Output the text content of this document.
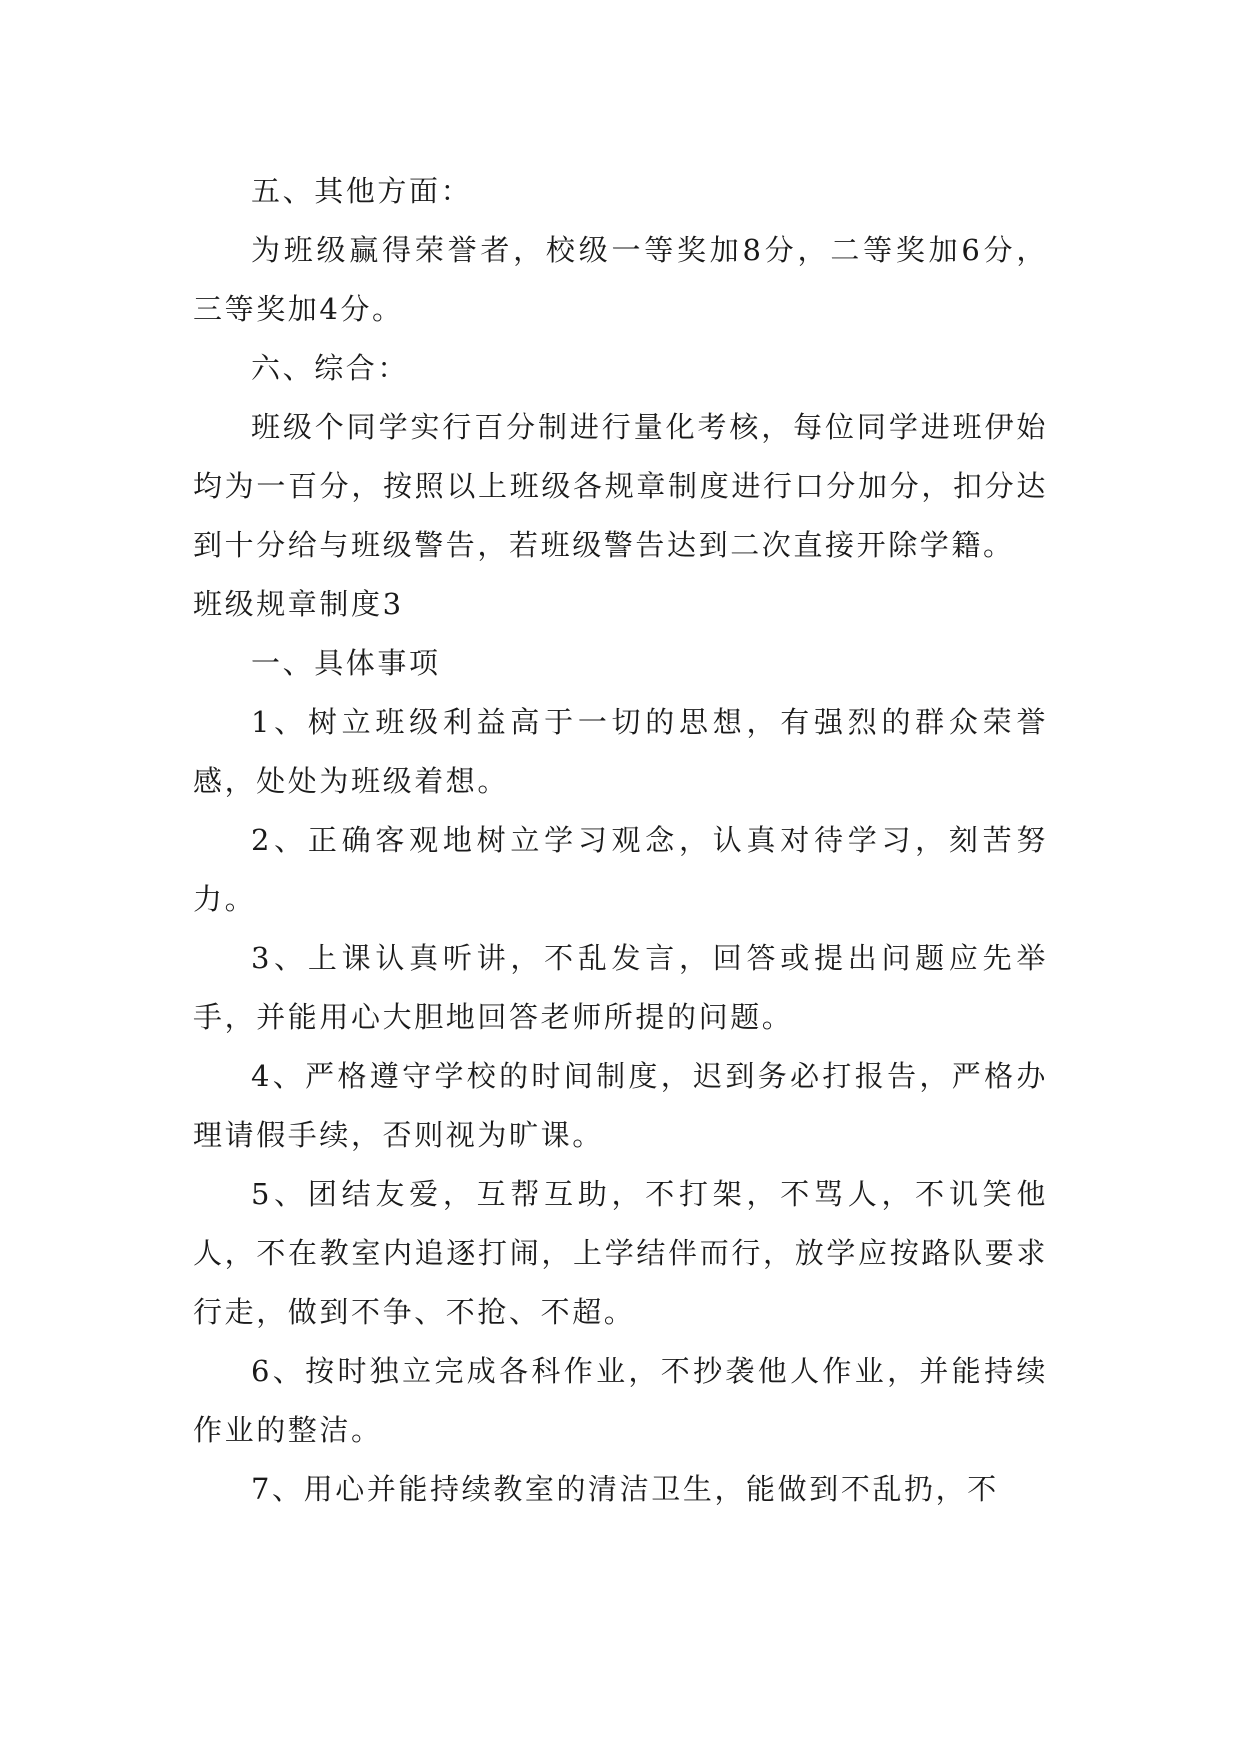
五、其他方面：

为班级赢得荣誉者，校级一等奖加8分，二等奖加6分，三等奖加4分。

六、综合：

班级个同学实行百分制进行量化考核，每位同学进班伊始均为一百分，按照以上班级各规章制度进行口分加分，扣分达到十分给与班级警告，若班级警告达到二次直接开除学籍。

班级规章制度3

一、具体事项

1、树立班级利益高于一切的思想，有强烈的群众荣誉感，处处为班级着想。

2、正确客观地树立学习观念，认真对待学习，刻苦努力。

3、上课认真听讲，不乱发言，回答或提出问题应先举手，并能用心大胆地回答老师所提的问题。

4、严格遵守学校的时间制度，迟到务必打报告，严格办理请假手续，否则视为旷课。

5、团结友爱，互帮互助，不打架，不骂人，不讥笑他人，不在教室内追逐打闹，上学结伴而行，放学应按路队要求行走，做到不争、不抢、不超。

6、按时独立完成各科作业，不抄袭他人作业，并能持续作业的整洁。

7、用心并能持续教室的清洁卫生，能做到不乱扔，不
